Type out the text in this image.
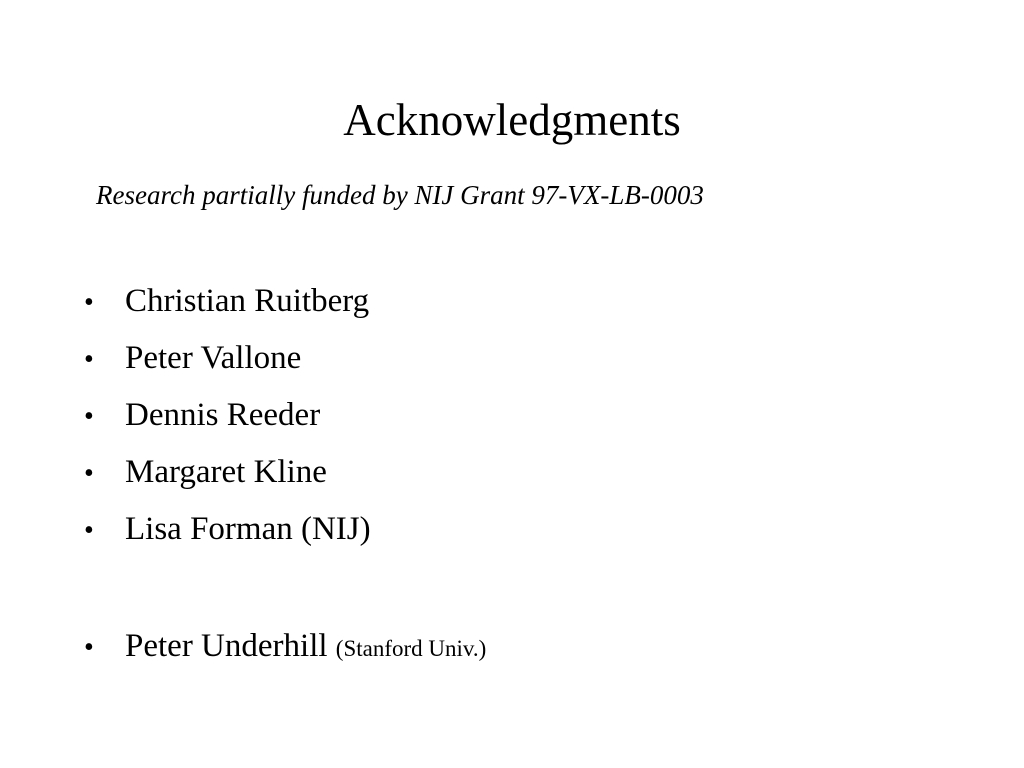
Acknowledgments
Research partially funded by NIJ Grant 97-VX-LB-0003
• Christian Ruitberg
• Peter Vallone
• Dennis Reeder
• Margaret Kline
• Lisa Forman (NIJ)
• Peter Underhill (Stanford Univ.)
